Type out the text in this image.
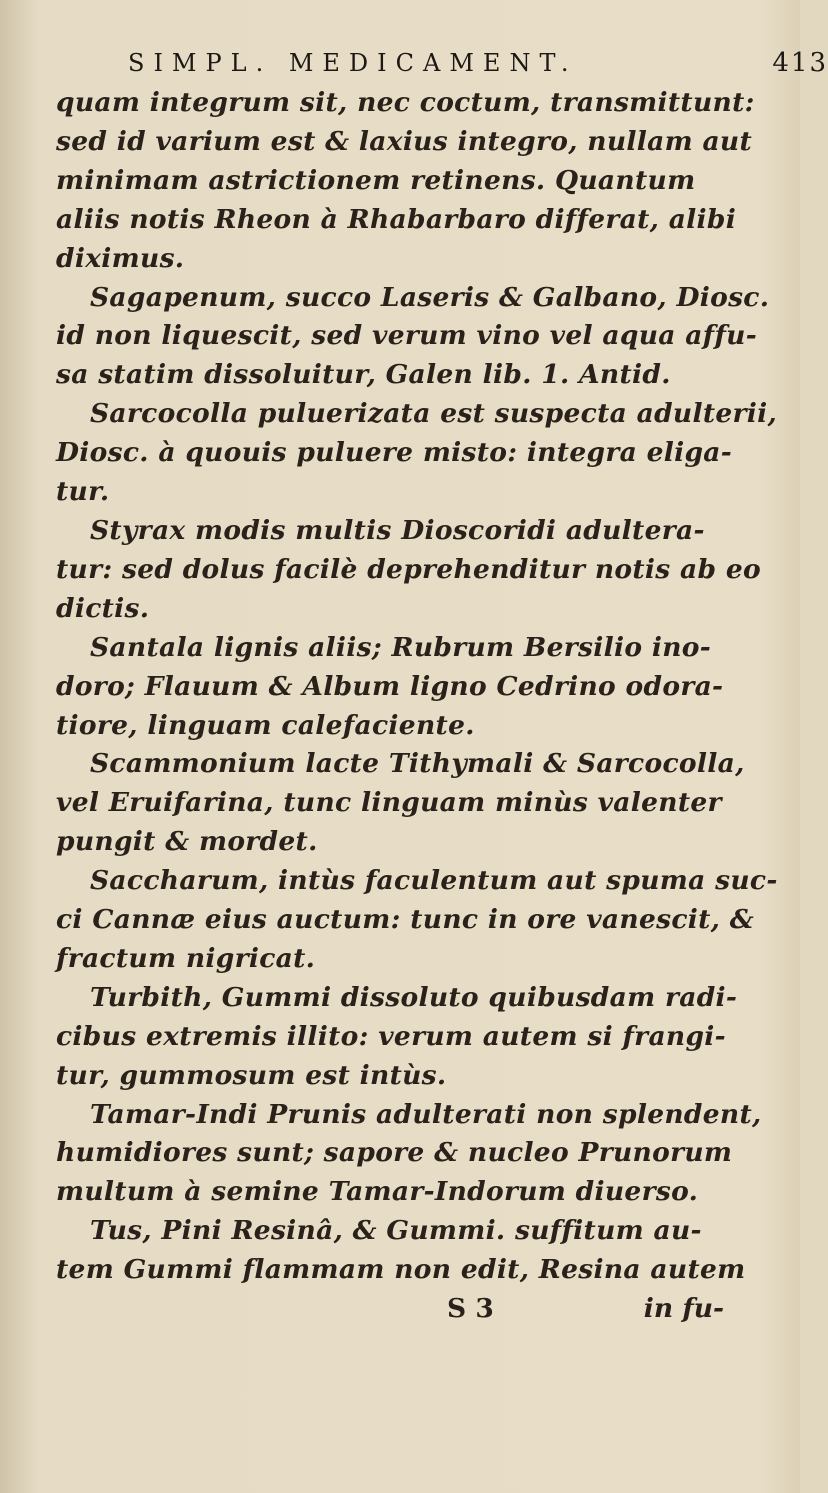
SIMPL. MEDICAMENT.	413
quam integrum sit, nec coctum, transmittunt:
sed id varium est & laxius integro, nullam aut
minimam astrictionem retinens. Quantum
aliis notis Rheon à Rhabarbaro differat, alibi
diximus.
Sagapenum, succo Laseris & Galbano, Diosc.
id non liquescit, sed verum vino vel aqua affu-
sa statim dissoluitur, Galen lib. 1. Antid.
Sarcocolla puluerizata est suspecta adulterii,
Diosc. à quouis puluere misto: integra eliga-
tur.
Styrax modis multis Dioscoridi adultera-
tur: sed dolus facilè deprehenditur notis ab eo
dictis.
Santala lignis aliis; Rubrum Bersilio ino-
doro; Flauum & Album ligno Cedrino odora-
tiore, linguam calefaciente.
Scammonium lacte Tithymali & Sarcocolla,
vel Eruifarina, tunc linguam minùs valenter
pungit & mordet.
Saccharum, intùs faculentum aut spuma suc-
ci Cannæ eius auctum: tunc in ore vanescit, &
fractum nigricat.
Turbith, Gummi dissoluto quibusdam radi-
cibus extremis illito: verum autem si frangi-
tur, gummosum est intùs.
Tamar-Indi Prunis adulterati non splendent,
humidiores sunt; sapore & nucleo Prunorum
multum à semine Tamar-Indorum diuerso.
Tus, Pini Resinâ, & Gummi. suffitum au-
tem Gummi flammam non edit, Resina autem
S 3	in fu-
